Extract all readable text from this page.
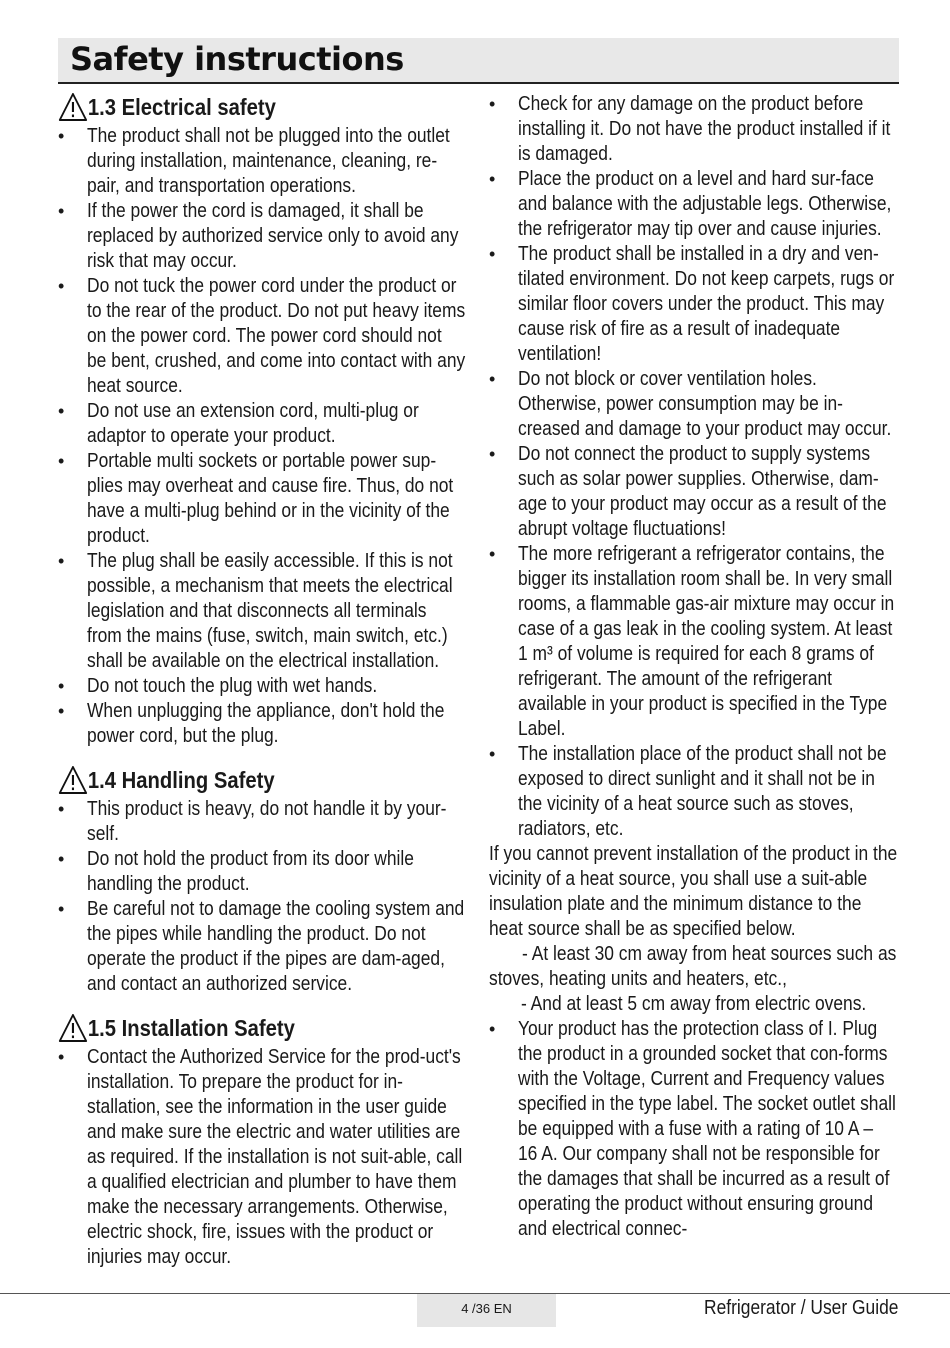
Safety instructions
1.3 Electrical safety
•	The product shall not be plugged into the outlet during installation, maintenance, cleaning, re-pair, and transportation operations.
•	If the power the cord is damaged, it shall be replaced by authorized service only to avoid any risk that may occur.
•	Do not tuck the power cord under the product or to the rear of the product. Do not put heavy items on the power cord. The power cord should not be bent, crushed, and come into contact with any heat source.
•	Do not use an extension cord, multi-plug or adaptor to operate your product.
•	Portable multi sockets or portable power sup-plies may overheat and cause fire. Thus, do not have a multi-plug behind or in the vicinity of the product.
•	The plug shall be easily accessible. If this is not possible, a mechanism that meets the electrical legislation and that disconnects all terminals from the mains (fuse, switch, main switch, etc.) shall be available on the electrical installation.
•	Do not touch the plug with wet hands.
•	When unplugging the appliance, don't hold the power cord, but the plug.
1.4 Handling Safety
•	This product is heavy, do not handle it by your-self.
•	Do not hold the product from its door while handling the product.
•	Be careful not to damage the cooling system and the pipes while handling the product. Do not operate the product if the pipes are dam-aged, and contact an authorized service.
1.5 Installation Safety
•	Contact the Authorized Service for the prod-uct's installation. To prepare the product for in-stallation, see the information in the user guide and make sure the electric and water utilities are as required. If the installation is not suit-able, call a qualified electrician and plumber to have them make the necessary arrangements. Otherwise, electric shock, fire, issues with the product or injuries may occur.
•	Check for any damage on the product before installing it. Do not have the product installed if it is damaged.
•	Place the product on a level and hard sur-face and balance with the adjustable legs. Otherwise, the refrigerator may tip over and cause injuries.
•	The product shall be installed in a dry and ven-tilated environment. Do not keep carpets, rugs or similar floor covers under the product. This may cause risk of fire as a result of inadequate ventilation!
•	Do not block or cover ventilation holes. Otherwise, power consumption may be in-creased and damage to your product may occur.
•	Do not connect the product to supply systems such as solar power supplies. Otherwise, dam-age to your product may occur as a result of the abrupt voltage fluctuations!
•	The more refrigerant a refrigerator contains, the bigger its installation room shall be. In very small rooms, a flammable gas-air mixture may occur in case of a gas leak in the cooling system. At least 1 m³ of volume is required for each 8 grams of refrigerant. The amount of the refrigerant available in your product is specified in the Type Label.
•	The installation place of the product shall not be exposed to direct sunlight and it shall not be in the vicinity of a heat source such as stoves, radiators, etc.
If you cannot prevent installation of the product in the vicinity of a heat source, you shall use a suit-able insulation plate and the minimum distance to the heat source shall be as specified below.
- At least 30 cm away from heat sources such as stoves, heating units and heaters, etc.,
- And at least 5 cm away from electric ovens.
•	Your product has the protection class of I. Plug the product in a grounded socket that con-forms with the Voltage, Current and Frequency values specified in the type label. The socket outlet shall be equipped with a fuse with a rating of 10 A – 16 A. Our company shall not be responsible for the damages that shall be incurred as a result of operating the product without ensuring ground and electrical connec-
4 /36 EN	Refrigerator / User Guide
